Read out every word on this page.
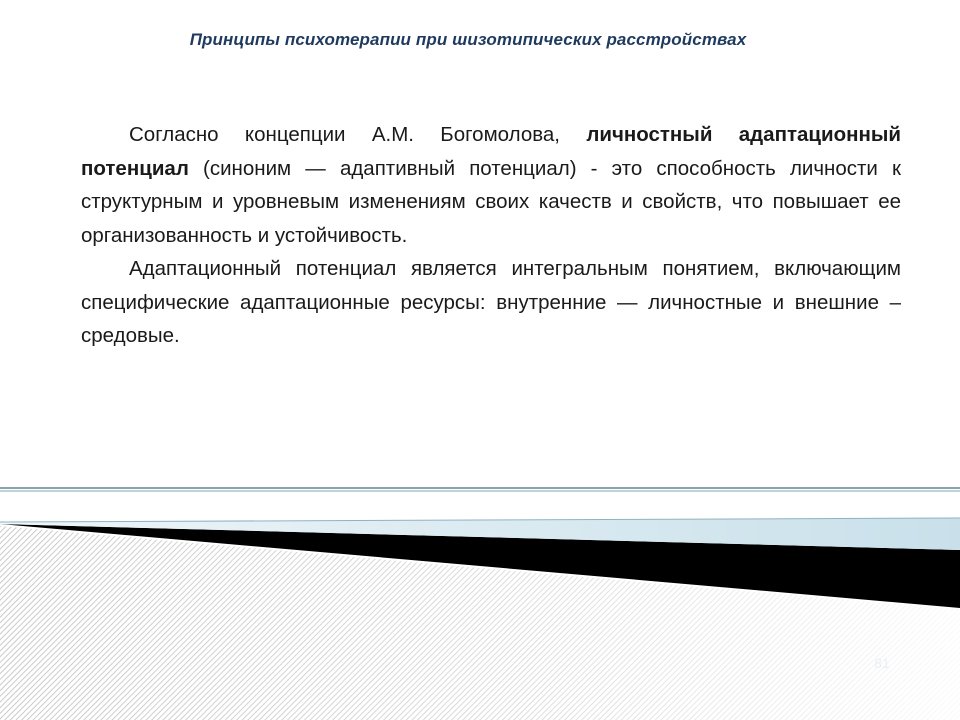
Принципы психотерапии при шизотипических расстройствах

Согласно концепции А.М. Богомолова, личностный адаптационный потенциал (синоним — адаптивный потенциал) - это способность личности к структурным и уровневым изменениям своих качеств и свойств, что повышает ее организованность и устойчивость.

Адаптационный потенциал является интегральным понятием, включающим специфические адаптационные ресурсы: внутренние — личностные и внешние – средовые.

81
